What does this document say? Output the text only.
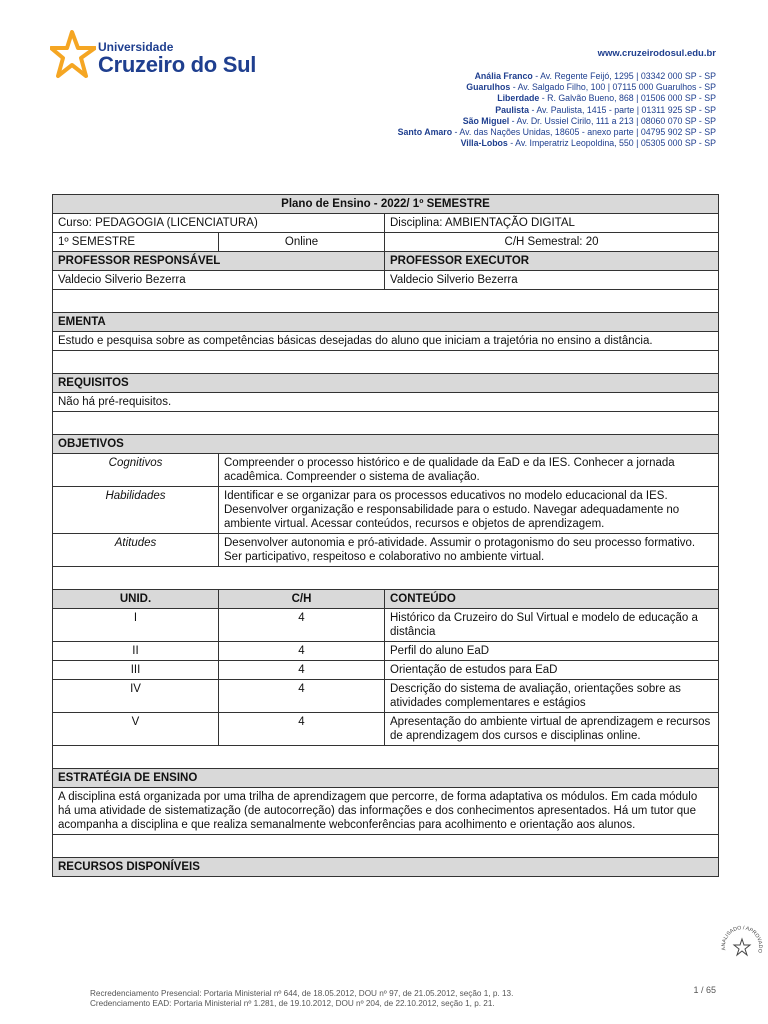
Universidade
Cruzeiro do Sul	www.cruzeirodosul.edu.br
Anália Franco - Av. Regente Feijó, 1295 | 03342 000 SP - SP
Guarulhos - Av. Salgado Filho, 100 | 07115 000 Guarulhos - SP
Liberdade - R. Galvão Bueno, 868 | 01506 000 SP - SP
Paulista - Av. Paulista, 1415 - parte | 01311 925 SP - SP
São Miguel - Av. Dr. Ussiel Cirilo, 111 a 213 | 08060 070 SP - SP
Santo Amaro - Av. das Nações Unidas, 18605 - anexo parte | 04795 902 SP - SP
Villa-Lobos - Av. Imperatriz Leopoldina, 550 | 05305 000 SP - SP
Plano de Ensino - 2022/ 1º SEMESTRE		
Curso: PEDAGOGIA (LICENCIATURA)		Disciplina: AMBIENTAÇÃO DIGITAL
1º SEMESTRE	Online	C/H Semestral: 20
PROFESSOR RESPONSÁVEL		PROFESSOR EXECUTOR
Valdecio Silverio Bezerra		Valdecio Silverio Bezerra

EMENTA		
Estudo e pesquisa sobre as competências básicas desejadas do aluno que iniciam a trajetória no ensino a distância.		

REQUISITOS		
Não há pré-requisitos.		

OBJETIVOS		
Cognitivos	Compreender o processo histórico e de qualidade da EaD e da IES. Conhecer a jornada acadêmica. Compreender o sistema de avaliação.	
Habilidades	Identificar e se organizar para os processos educativos no modelo educacional da IES. Desenvolver organização e responsabilidade para o estudo. Navegar adequadamente no ambiente virtual. Acessar conteúdos, recursos e objetos de aprendizagem.	
Atitudes	Desenvolver autonomia e pró-atividade. Assumir o protagonismo do seu processo formativo. Ser participativo, respeitoso e colaborativo no ambiente virtual.	

UNID.	C/H	CONTEÚDO
I	4	Histórico da Cruzeiro do Sul Virtual e modelo de educação a distância
II	4	Perfil do aluno EaD
III	4	Orientação de estudos para EaD
IV	4	Descrição do sistema de avaliação, orientações sobre as atividades complementares e estágios
V	4	Apresentação do ambiente virtual de aprendizagem e recursos de aprendizagem dos cursos e disciplinas online.

ESTRATÉGIA DE ENSINO		
A disciplina está organizada por uma trilha de aprendizagem que percorre, de forma adaptativa os módulos. Em cada módulo há uma atividade de sistematização (de autocorreção) das informações e dos conhecimentos apresentados. Há um tutor que acompanha a disciplina e que realiza semanalmente webconferências para acolhimento e orientação aos alunos.		

RECURSOS DISPONÍVEIS		
ANALISADO / APROVADO
Recredenciamento Presencial: Portaria Ministerial nº 644, de 18.05.2012, DOU nº 97, de 21.05.2012, seção 1, p. 13.
Credenciamento EAD: Portaria Ministerial nº 1.281, de 19.10.2012, DOU nº 204, de 22.10.2012, seção 1, p. 21.
1 / 65
